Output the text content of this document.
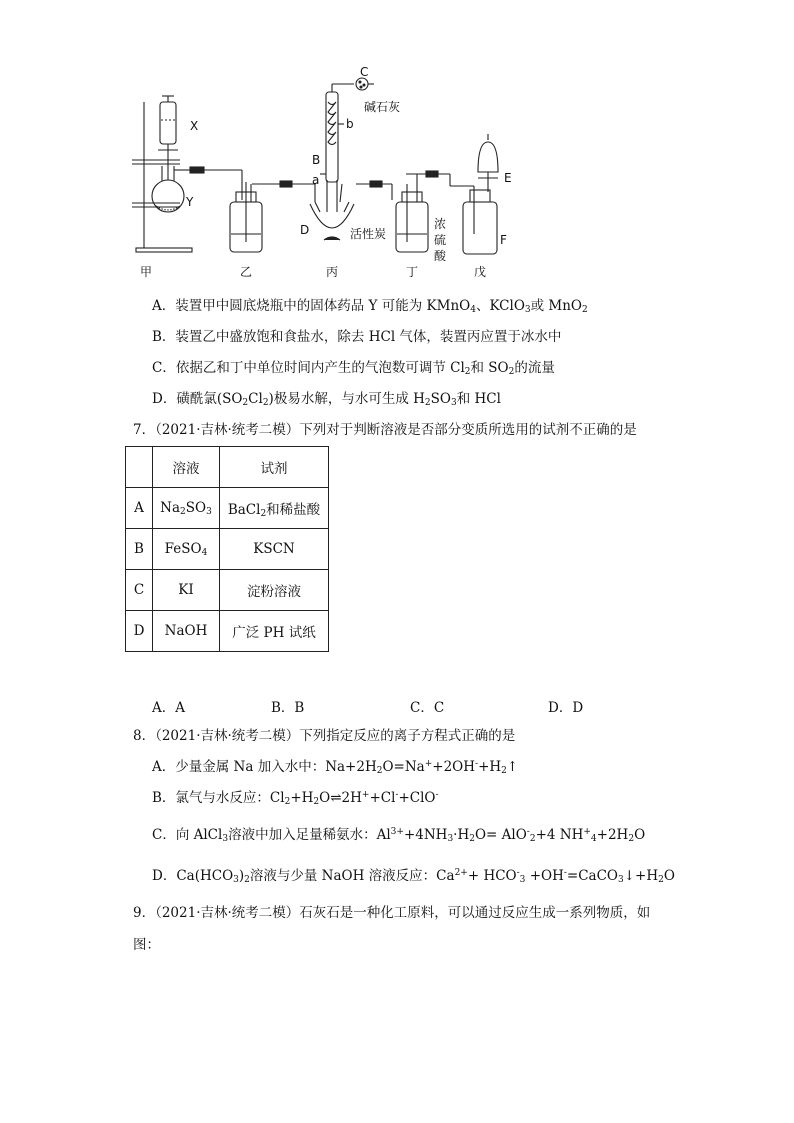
X
Y
C
碱石灰
b
B
a
D	活性炭
浓
硫
酸
E
F
甲	乙	丙	丁	戊
A．装置甲中圆底烧瓶中的固体药品 Y 可能为 KMnO$_4$、KClO$_3$或 MnO$_2$
B．装置乙中盛放饱和食盐水，除去 HCl 气体，装置丙应置于冰水中
C．依据乙和丁中单位时间内产生的气泡数可调节 $Cl_2$和 $SO_2$的流量
D．磺酰氯$(SO_2Cl_2)$极易水解，与水可生成 $H_2SO_3$和 HCl
7．（2021·吉林·统考二模）下列对于判断溶液是否部分变质所选用的试剂不正确的是
	溶液	试剂
A	$Na_2SO_3$	BaCl$_2$和稀盐酸
B	FeSO$_4$	KSCN
C	KI	淀粉溶液
D	NaOH	广泛 PH 试纸
A．A	B．B	C．C	D．D
8．（2021·吉林·统考二模）下列指定反应的离子方程式正确的是
A．少量金属 Na 加入水中：$Na+2H_2O=Na^++2OH^-+H_2↑$
B．氯气与水反应：$Cl_2+H_2O\rightleftharpoons 2H^++Cl^-+ClO^-$
C．向 AlCl$_3$溶液中加入足量稀氨水：$Al^{3+}+4NH_3\cdot H_2O= AlO^-_2+4$ $NH^+_4+2H_2O$
D．$Ca(HCO_3)_2$溶液与少量 NaOH 溶液反应：$Ca^{2+}+ HCO^-_3$ $+OH^-=CaCO_3↓+H_2O$
9．（2021·吉林·统考二模）石灰石是一种化工原料，可以通过反应生成一系列物质，如
图：
